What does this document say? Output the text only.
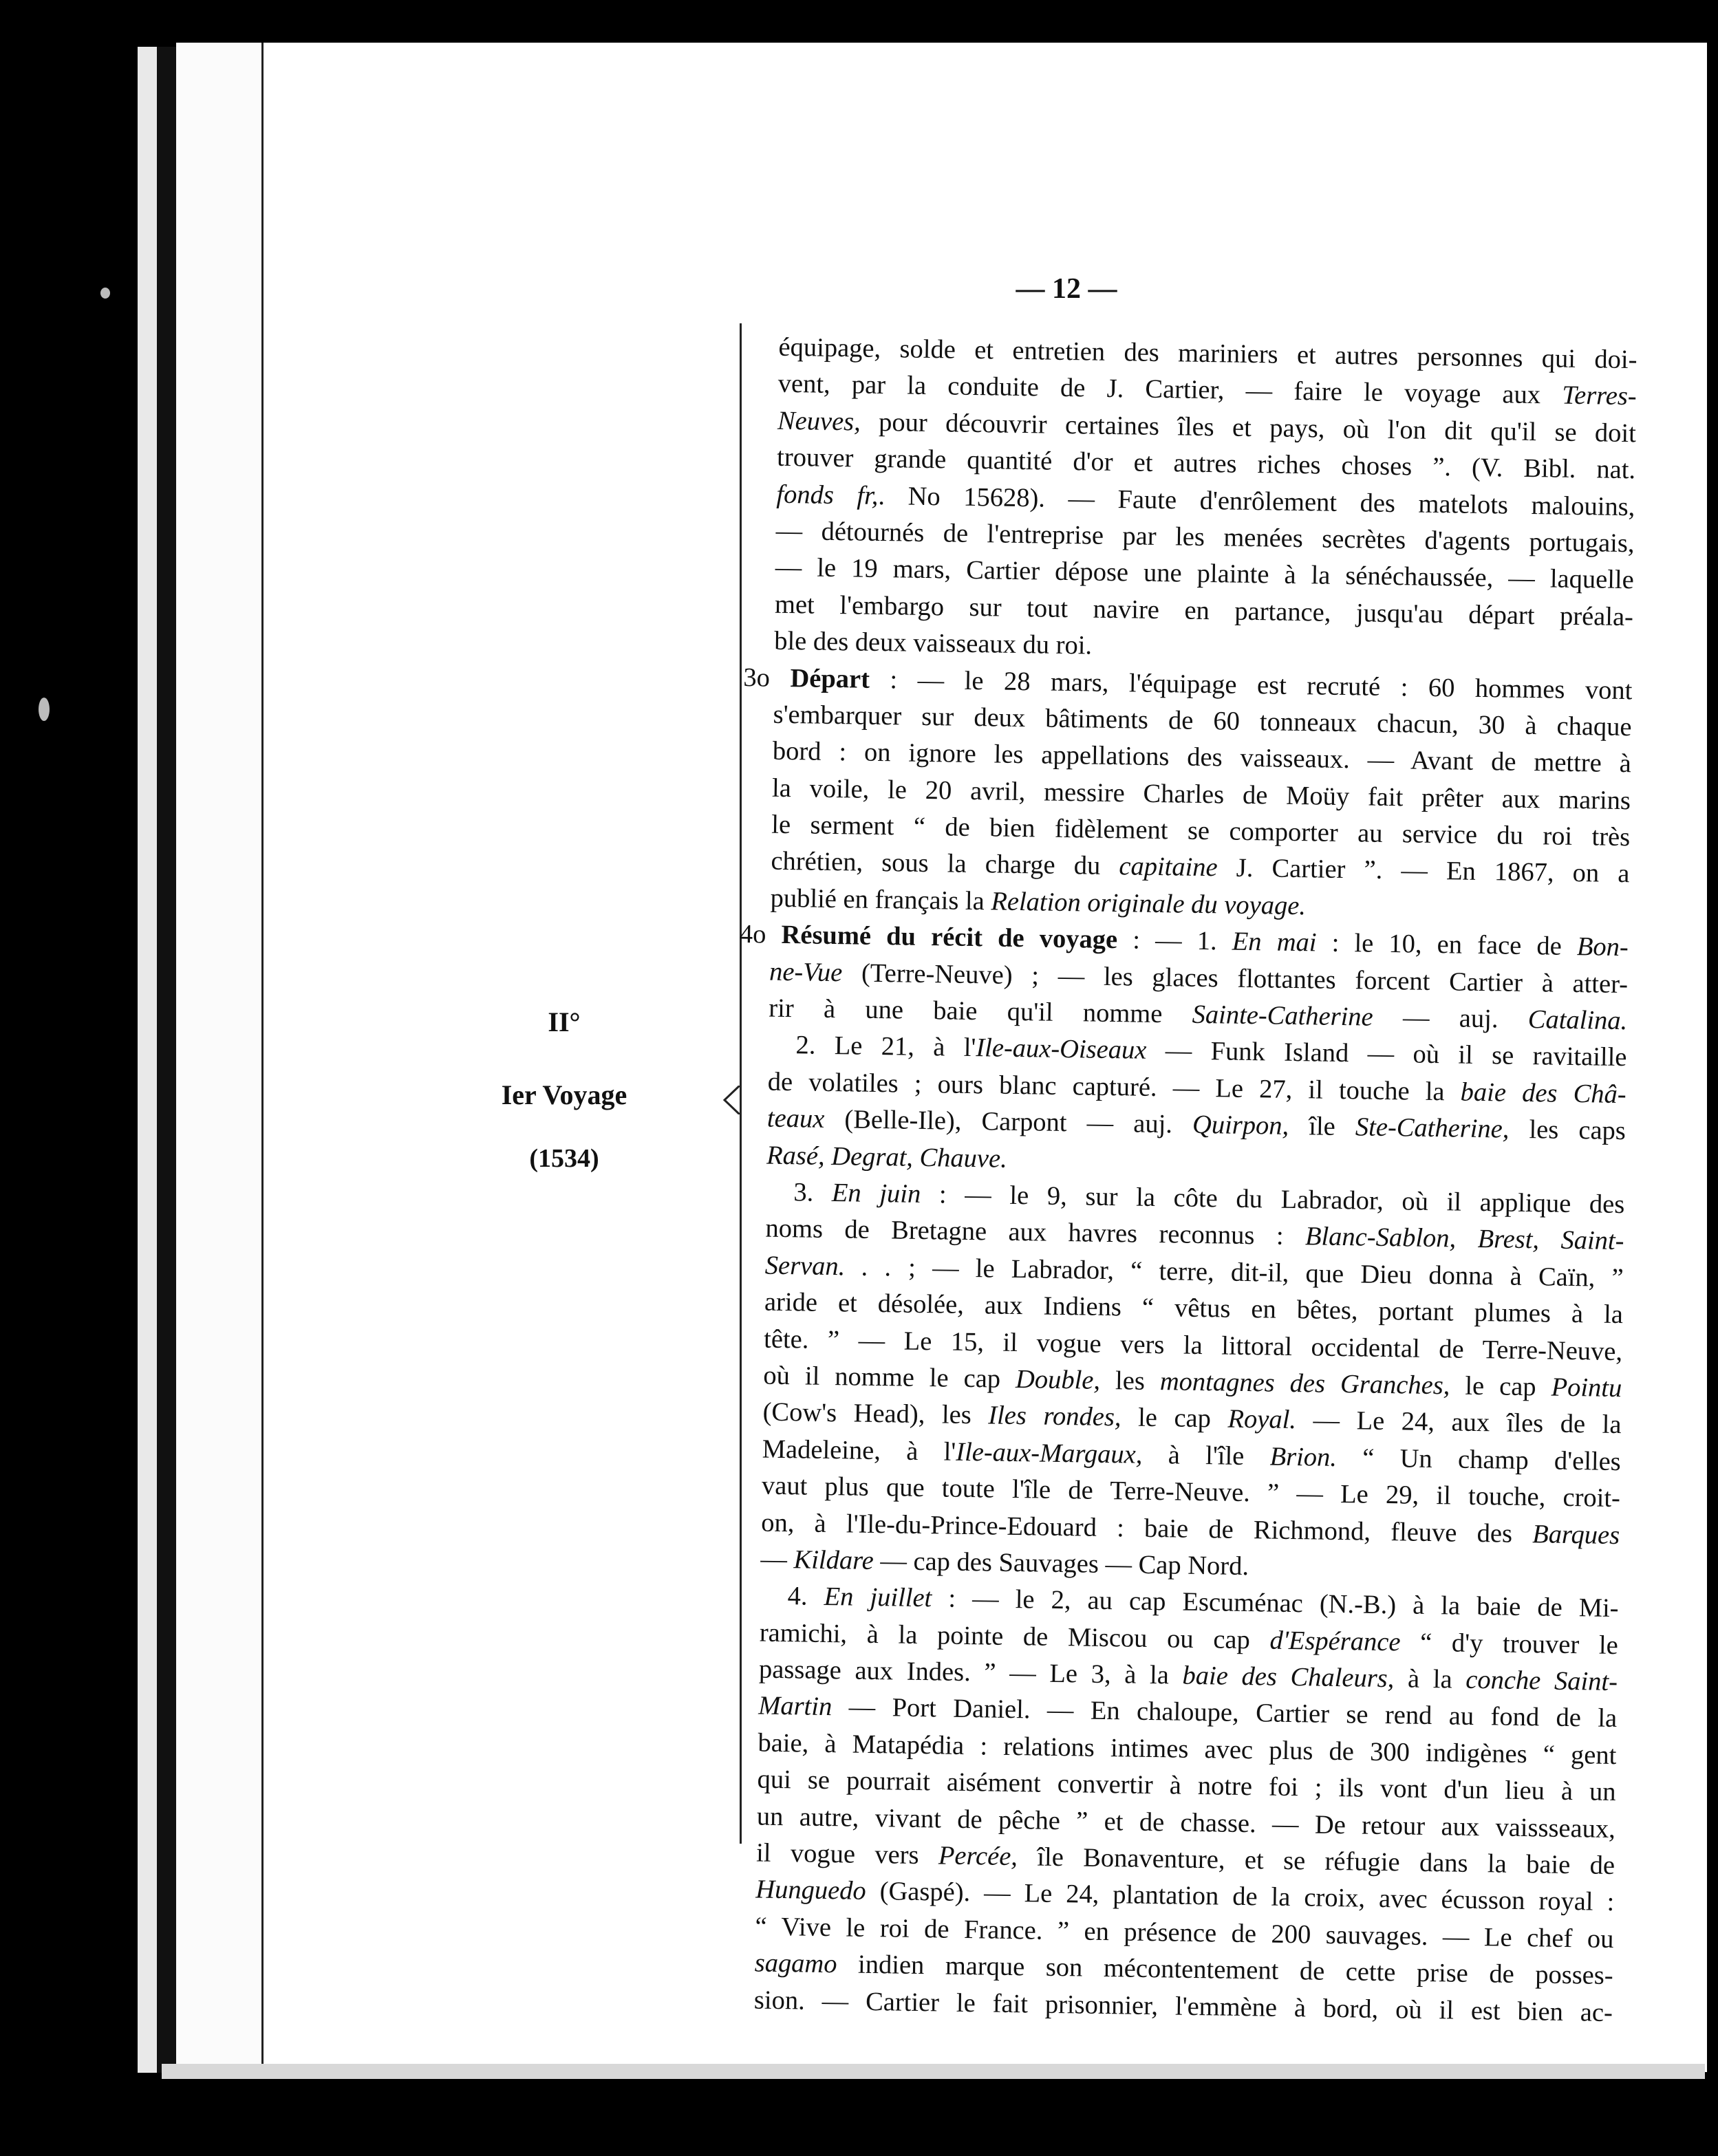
— 12 —
II°
Ier Voyage
(1534)
équipage, solde et entretien des mariniers et autres personnes qui doi-
vent, par la conduite de J. Cartier, — faire le voyage aux Terres-
Neuves, pour découvrir certaines îles et pays, où l'on dit qu'il se doit
trouver grande quantité d'or et autres riches choses ”. (V. Bibl. nat.
fonds fr,. No 15628). — Faute d'enrôlement des matelots malouins,
— détournés de l'entreprise par les menées secrètes d'agents portugais,
— le 19 mars, Cartier dépose une plainte à la sénéchaussée, — laquelle
met l'embargo sur tout navire en partance, jusqu'au départ préala-
ble des deux vaisseaux du roi.
3o Départ : — le 28 mars, l'équipage est recruté : 60 hommes vont
s'embarquer sur deux bâtiments de 60 tonneaux chacun, 30 à chaque
bord : on ignore les appellations des vaisseaux. — Avant de mettre à
la voile, le 20 avril, messire Charles de Moüy fait prêter aux marins
le serment “ de bien fidèlement se comporter au service du roi très
chrétien, sous la charge du capitaine J. Cartier ”. — En 1867, on a
publié en français la Relation originale du voyage.
4o Résumé du récit de voyage : — 1. En mai : le 10, en face de Bon-
ne-Vue (Terre-Neuve) ; — les glaces flottantes forcent Cartier à atter-
rir à une baie qu'il nomme Sainte-Catherine — auj. Catalina.
2. Le 21, à l'Ile-aux-Oiseaux — Funk Island — où il se ravitaille
de volatiles ; ours blanc capturé. — Le 27, il touche la baie des Châ-
teaux (Belle-Ile), Carpont — auj. Quirpon, île Ste-Catherine, les caps
Rasé, Degrat, Chauve.
3. En juin : — le 9, sur la côte du Labrador, où il applique des
noms de Bretagne aux havres reconnus : Blanc-Sablon, Brest, Saint-
Servan. . . ; — le Labrador, “ terre, dit-il, que Dieu donna à Caïn, ”
aride et désolée, aux Indiens “ vêtus en bêtes, portant plumes à la
tête. ” — Le 15, il vogue vers la littoral occidental de Terre-Neuve,
où il nomme le cap Double, les montagnes des Granches, le cap Pointu
(Cow's Head), les Iles rondes, le cap Royal. — Le 24, aux îles de la
Madeleine, à l'Ile-aux-Margaux, à l'île Brion. “ Un champ d'elles
vaut plus que toute l'île de Terre-Neuve. ” — Le 29, il touche, croit-
on, à l'Ile-du-Prince-Edouard : baie de Richmond, fleuve des Barques
— Kildare — cap des Sauvages — Cap Nord.
4. En juillet : — le 2, au cap Escuménac (N.-B.) à la baie de Mi-
ramichi, à la pointe de Miscou ou cap d'Espérance “ d'y trouver le
passage aux Indes. ” — Le 3, à la baie des Chaleurs, à la conche Saint-
Martin — Port Daniel. — En chaloupe, Cartier se rend au fond de la
baie, à Matapédia : relations intimes avec plus de 300 indigènes “ gent
qui se pourrait aisément convertir à notre foi ; ils vont d'un lieu à un
un autre, vivant de pêche ” et de chasse. — De retour aux vaissseaux,
il vogue vers Percée, île Bonaventure, et se réfugie dans la baie de
Hunguedo (Gaspé). — Le 24, plantation de la croix, avec écusson royal :
“ Vive le roi de France. ” en présence de 200 sauvages. — Le chef ou
sagamo indien marque son mécontentement de cette prise de posses-
sion. — Cartier le fait prisonnier, l'emmène à bord, où il est bien ac-
